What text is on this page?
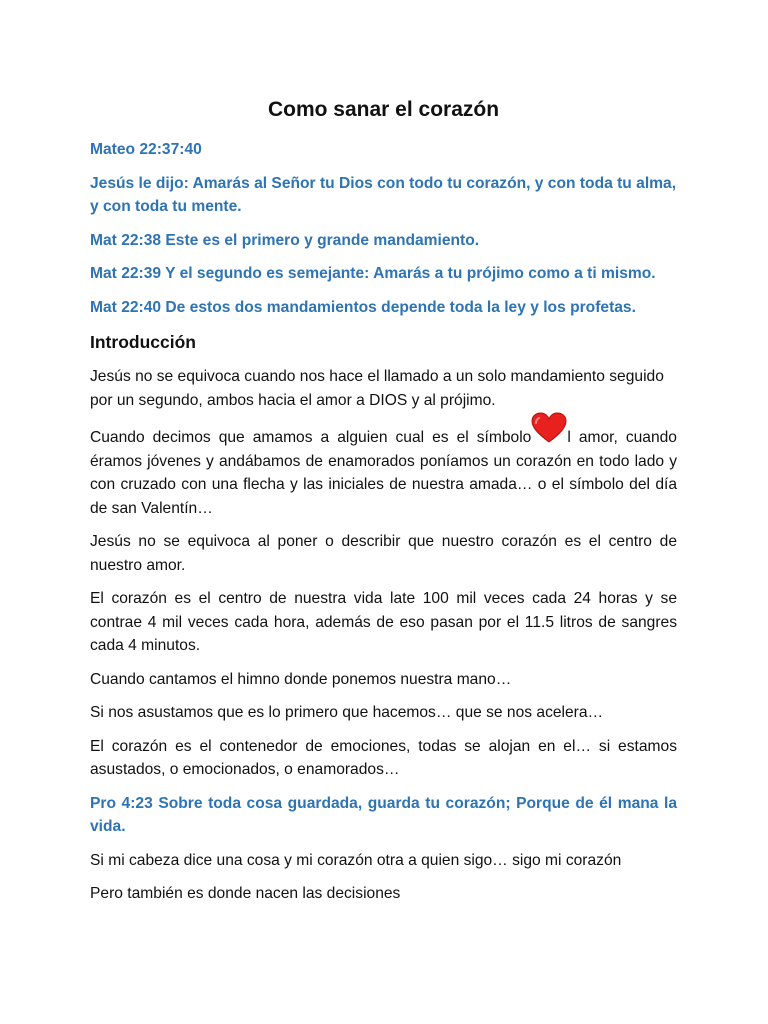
Como sanar el corazón

Mateo 22:37:40

Jesús le dijo: Amarás al Señor tu Dios con todo tu corazón, y con toda tu alma, y con toda tu mente.

Mat 22:38 Este es el primero y grande mandamiento.

Mat 22:39 Y el segundo es semejante: Amarás a tu prójimo como a ti mismo.

Mat 22:40 De estos dos mandamientos depende toda la ley y los profetas.

Introducción

Jesús no se equivoca cuando nos hace el llamado a un solo mandamiento seguido por un segundo, ambos hacia el amor a DIOS y al prójimo.

Cuando decimos que amamos a alguien cual es el símbolo l amor, cuando éramos jóvenes y andábamos de enamorados poníamos un corazón en todo lado y con cruzado con una flecha y las iniciales de nuestra amada… o el símbolo del día de san Valentín…

Jesús no se equivoca al poner o describir que nuestro corazón es el centro de nuestro amor.

El corazón es el centro de nuestra vida late 100 mil veces cada 24 horas y se contrae 4 mil veces cada hora, además de eso pasan por el 11.5 litros de sangres cada 4 minutos.

Cuando cantamos el himno donde ponemos nuestra mano…

Si nos asustamos que es lo primero que hacemos… que se nos acelera…

El corazón es el contenedor de emociones, todas se alojan en el… si estamos asustados, o emocionados, o enamorados…

Pro 4:23 Sobre toda cosa guardada, guarda tu corazón; Porque de él mana la vida.

Si mi cabeza dice una cosa y mi corazón otra a quien sigo… sigo mi corazón

Pero también es donde nacen las decisiones
